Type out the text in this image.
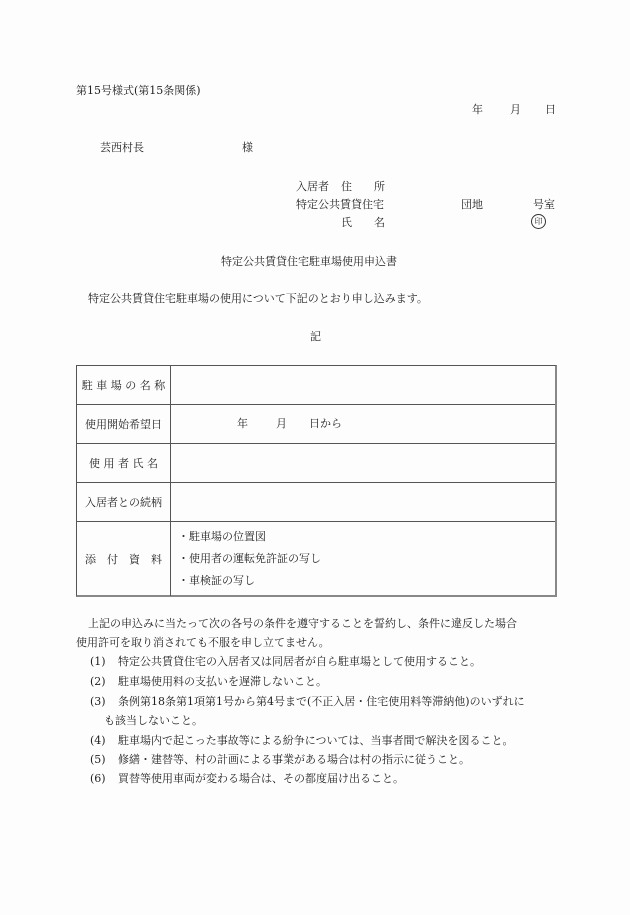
第15号様式(第15条関係)
年 月 日
芸西村長	様
入居者 住　　所
特定公共賃貸住宅	団地	号室
氏　　名	印
特定公共賃貸住宅駐車場使用申込書
特定公共賃貸住宅駐車場の使用について下記のとおり申し込みます。
記
駐 車 場 の 名 称
使用開始希望日	年	月 日から
使 用 者 氏 名
入居者との続柄
添　付　資　料
・駐車場の位置図
・使用者の運転免許証の写し
・車検証の写し
上記の申込みに当たって次の各号の条件を遵守することを誓約し、条件に違反した場合
使用許可を取り消されても不服を申し立てません。
(1) 特定公共賃貸住宅の入居者又は同居者が自ら駐車場として使用すること。
(2) 駐車場使用料の支払いを遅滞しないこと。
(3) 条例第18条第1項第1号から第4号まで(不正入居・住宅使用料等滞納他)のいずれに
も該当しないこと。
(4) 駐車場内で起こった事故等による紛争については、当事者間で解決を図ること。
(5) 修繕・建替等、村の計画による事業がある場合は村の指示に従うこと。
(6) 買替等使用車両が変わる場合は、その都度届け出ること。
